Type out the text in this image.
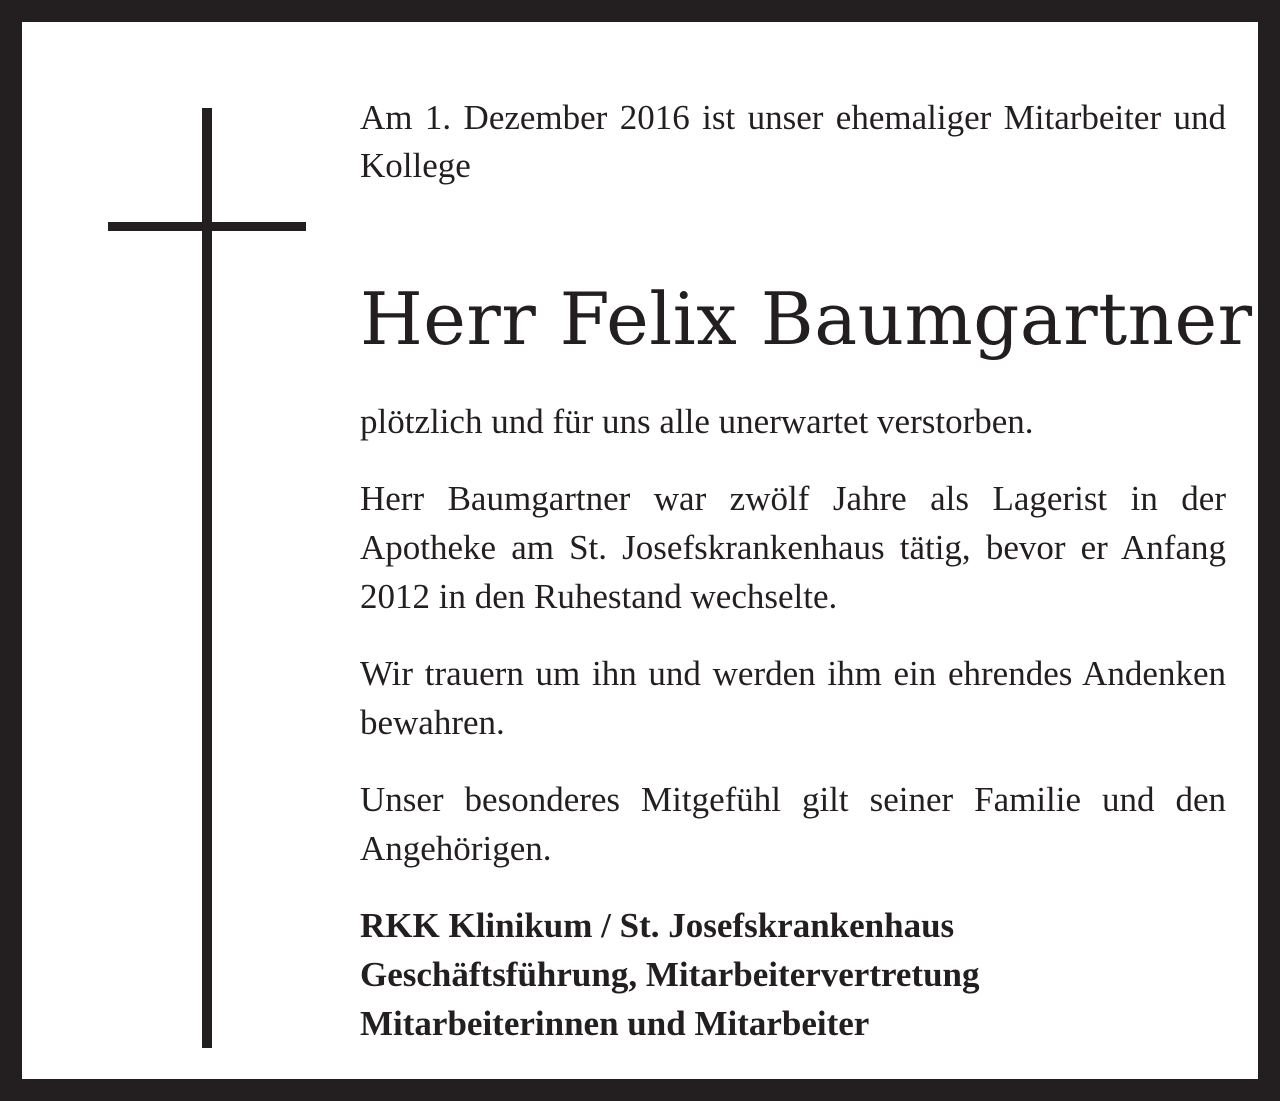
Am 1. Dezember 2016 ist unser ehemaliger Mitarbeiter und Kollege

Herr Felix Baumgartner

plötzlich und für uns alle unerwartet verstorben.

Herr Baumgartner war zwölf Jahre als Lagerist in der Apotheke am St. Josefskrankenhaus tätig, bevor er Anfang 2012 in den Ruhestand wechselte.

Wir trauern um ihn und werden ihm ein ehrendes Andenken bewahren.

Unser besonderes Mitgefühl gilt seiner Familie und den Angehörigen.

RKK Klinikum / St. Josefskrankenhaus
Geschäftsführung, Mitarbeitervertretung
Mitarbeiterinnen und Mitarbeiter
